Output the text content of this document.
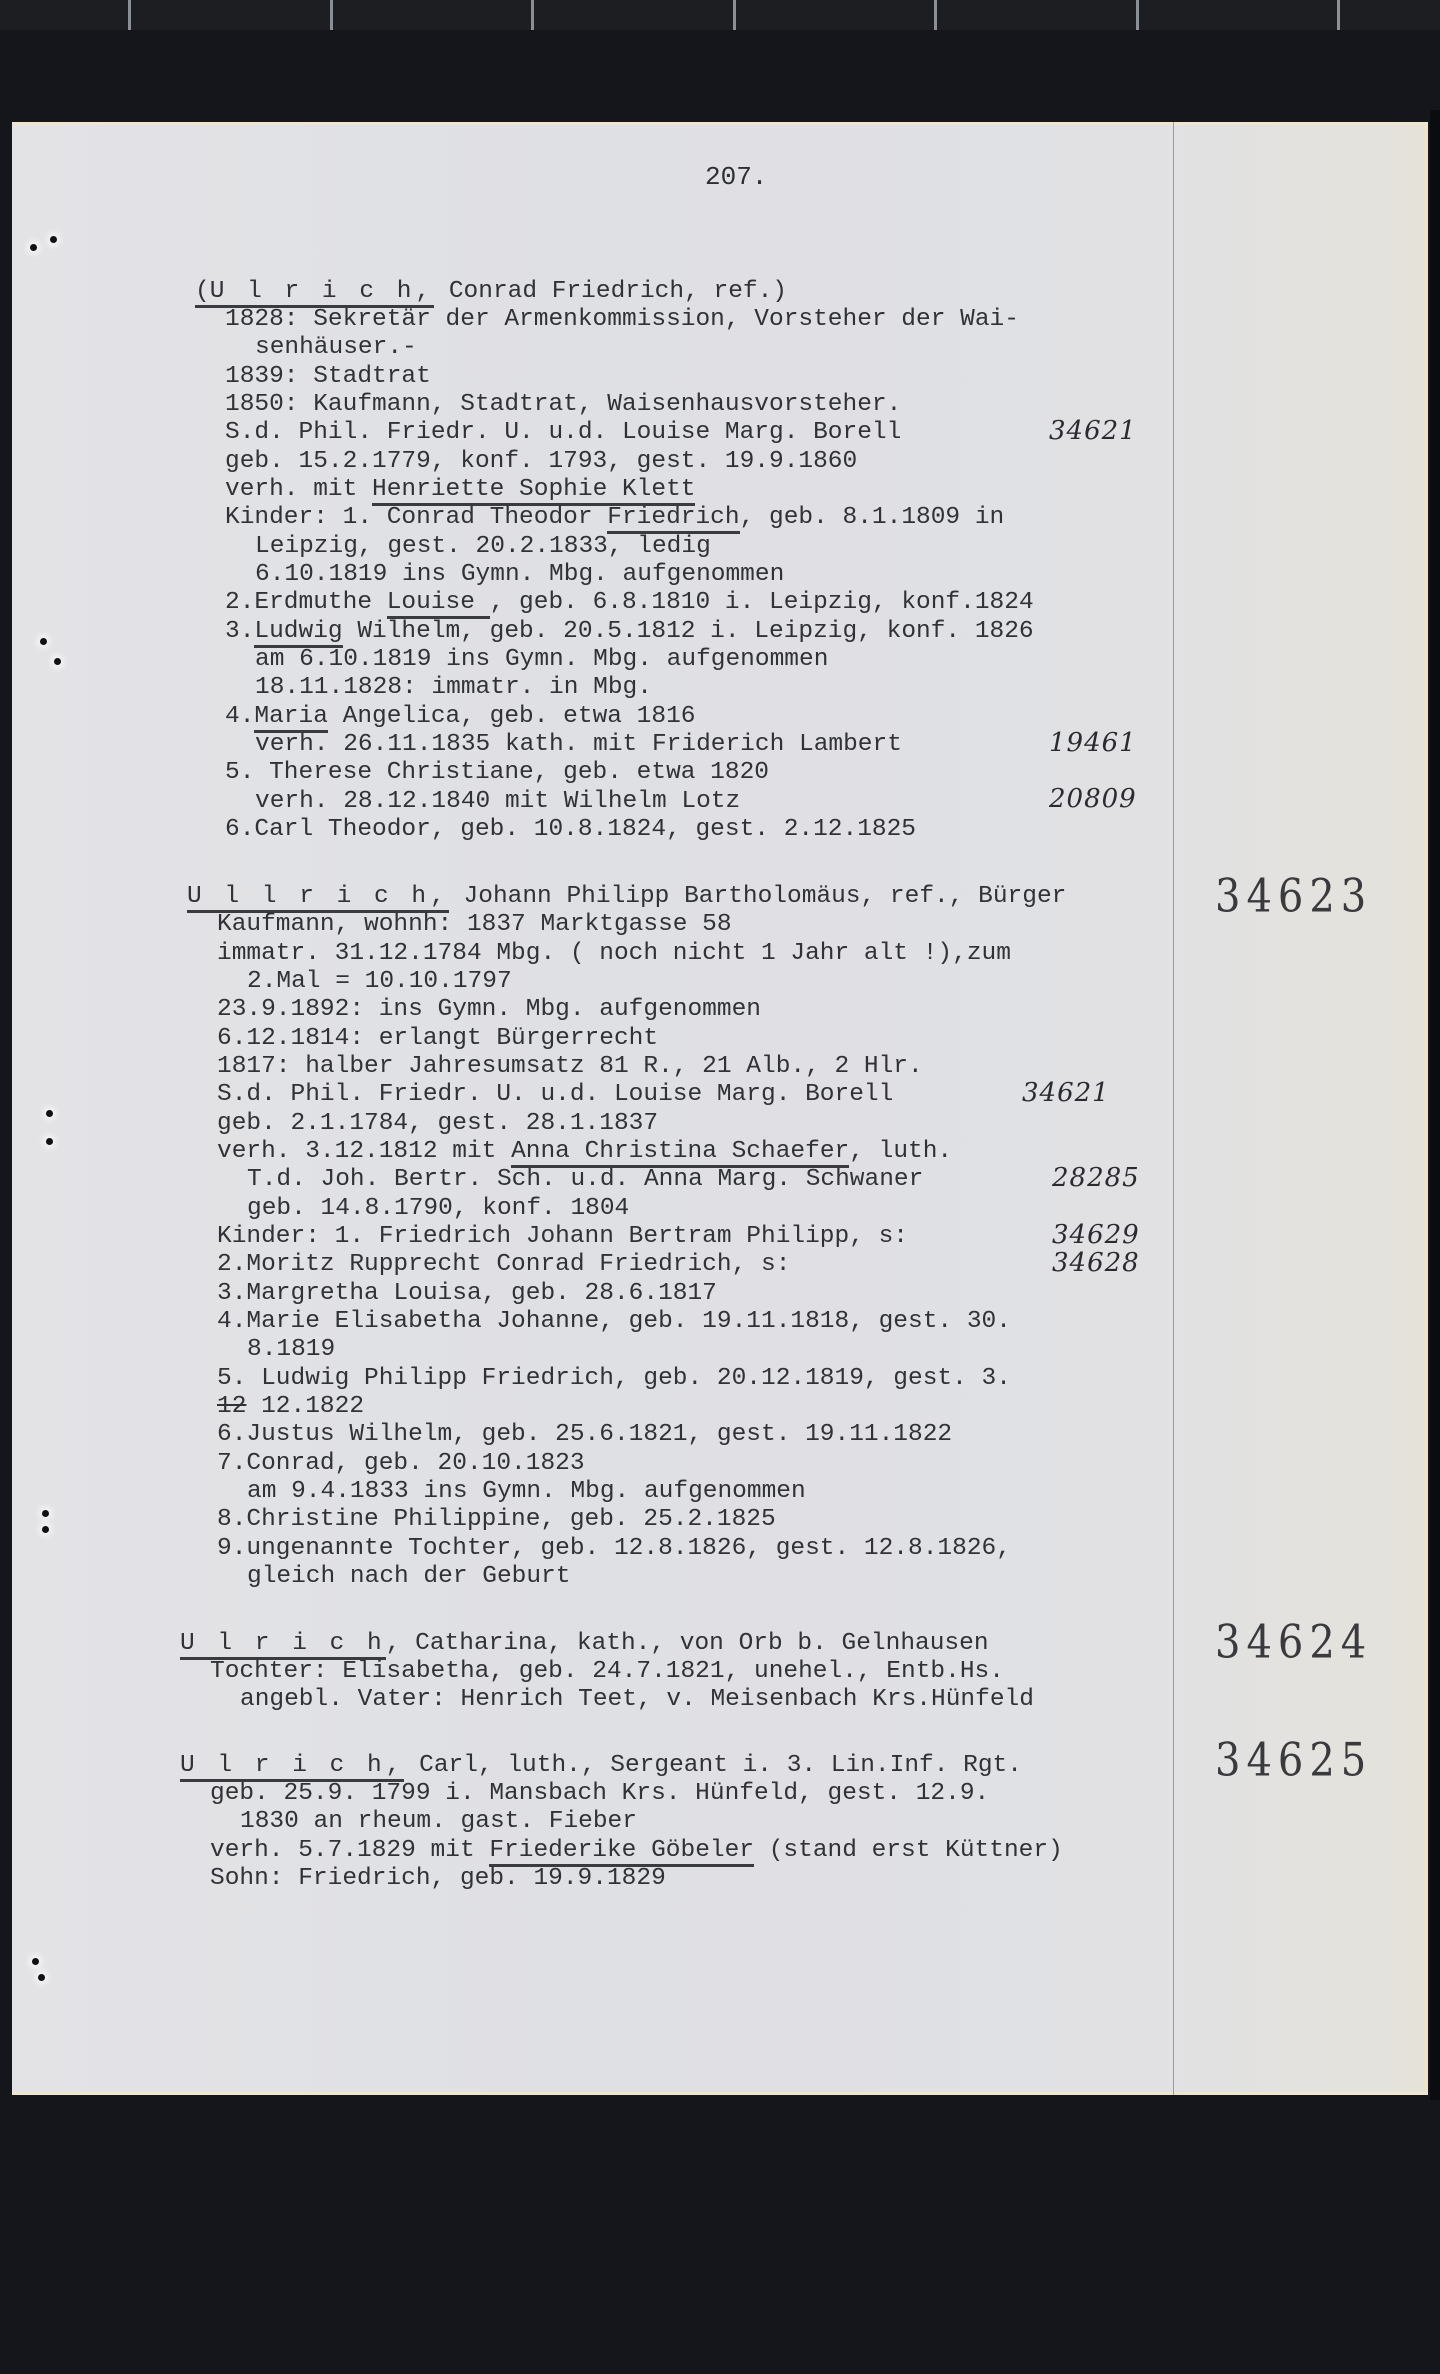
207.

(U l r i c h, Conrad Friedrich, ref.)

1828: Sekretär der Armenkommission, Vorsteher der Wai-

senhäuser.-

1839: Stadtrat

1850: Kaufmann, Stadtrat, Waisenhausvorsteher.

S.d. Phil. Friedr. U. u.d. Louise Marg. Borell

geb. 15.2.1779, konf. 1793, gest. 19.9.1860

verh. mit Henriette Sophie Klett

Kinder: 1. Conrad Theodor Friedrich, geb. 8.1.1809 in

Leipzig, gest. 20.2.1833, ledig

6.10.1819 ins Gymn. Mbg. aufgenommen

2.Erdmuthe Louise , geb. 6.8.1810 i. Leipzig, konf.1824

3.Ludwig Wilhelm, geb. 20.5.1812 i. Leipzig, konf. 1826

am 6.10.1819 ins Gymn. Mbg. aufgenommen

18.11.1828: immatr. in Mbg.

4.Maria Angelica, geb. etwa 1816

verh. 26.11.1835 kath. mit Friderich Lambert

5. Therese Christiane, geb. etwa 1820

verh. 28.12.1840 mit Wilhelm Lotz

6.Carl Theodor, geb. 10.8.1824, gest. 2.12.1825

U l l r i c h, Johann Philipp Bartholomäus, ref., Bürger

Kaufmann, wohnh: 1837 Marktgasse 58

immatr. 31.12.1784 Mbg. ( noch nicht 1 Jahr alt !),zum

2.Mal = 10.10.1797

23.9.1892: ins Gymn. Mbg. aufgenommen

6.12.1814: erlangt Bürgerrecht

1817: halber Jahresumsatz 81 R., 21 Alb., 2 Hlr.

S.d. Phil. Friedr. U. u.d. Louise Marg. Borell

geb. 2.1.1784, gest. 28.1.1837

verh. 3.12.1812 mit Anna Christina Schaefer, luth.

T.d. Joh. Bertr. Sch. u.d. Anna Marg. Schwaner

geb. 14.8.1790, konf. 1804

Kinder: 1. Friedrich Johann Bertram Philipp, s:

2.Moritz Rupprecht Conrad Friedrich, s:

3.Margretha Louisa, geb. 28.6.1817

4.Marie Elisabetha Johanne, geb. 19.11.1818, gest. 30.

8.1819

5. Ludwig Philipp Friedrich, geb. 20.12.1819, gest. 3.

12 12.1822

6.Justus Wilhelm, geb. 25.6.1821, gest. 19.11.1822

7.Conrad, geb. 20.10.1823

am 9.4.1833 ins Gymn. Mbg. aufgenommen

8.Christine Philippine, geb. 25.2.1825

9.ungenannte Tochter, geb. 12.8.1826, gest. 12.8.1826,

gleich nach der Geburt

U l r i c h, Catharina, kath., von Orb b. Gelnhausen

Tochter: Elisabetha, geb. 24.7.1821, unehel., Entb.Hs.

angebl. Vater: Henrich Teet, v. Meisenbach Krs.Hünfeld

U l r i c h, Carl, luth., Sergeant i. 3. Lin.Inf. Rgt.

geb. 25.9. 1799 i. Mansbach Krs. Hünfeld, gest. 12.9.

1830 an rheum. gast. Fieber

verh. 5.7.1829 mit Friederike Göbeler (stand erst Küttner)

Sohn: Friedrich, geb. 19.9.1829

34621
19461
20809
34621
28285
34629
34628
34623
34624
34625
